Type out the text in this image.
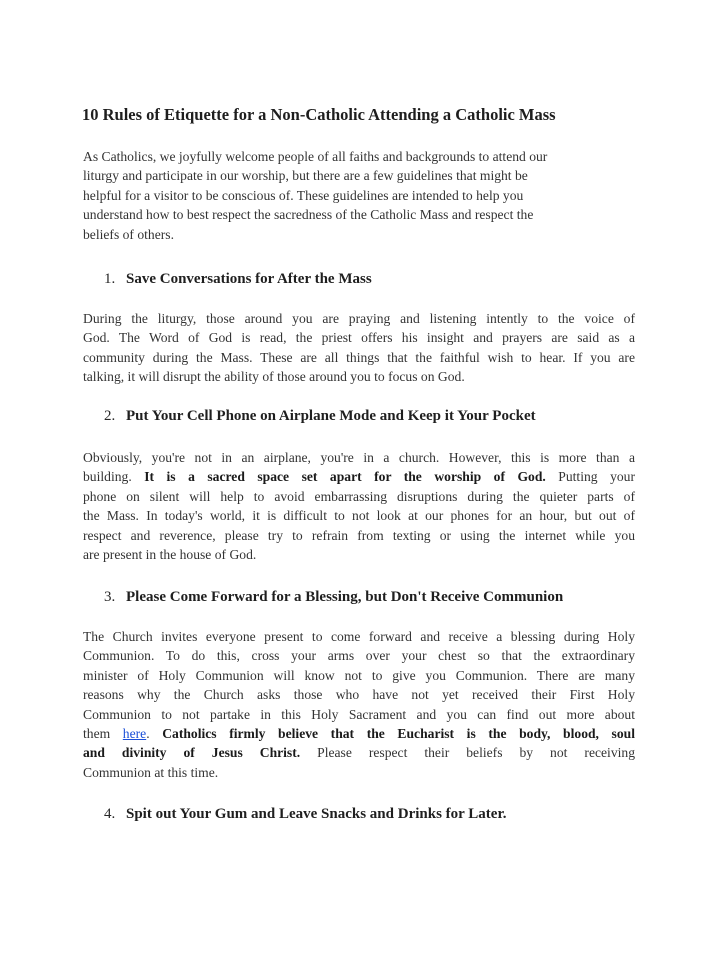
10 Rules of Etiquette for a Non-Catholic Attending a Catholic Mass
As Catholics, we joyfully welcome people of all faiths and backgrounds to attend our
liturgy and participate in our worship, but there are a few guidelines that might be
helpful for a visitor to be conscious of. These guidelines are intended to help you
understand how to best respect the sacredness of the Catholic Mass and respect the
beliefs of others.
1. Save Conversations for After the Mass
During the liturgy, those around you are praying and listening intently to the voice of
God. The Word of God is read, the priest offers his insight and prayers are said as a
community during the Mass. These are all things that the faithful wish to hear. If you are
talking, it will disrupt the ability of those around you to focus on God.
2. Put Your Cell Phone on Airplane Mode and Keep it Your Pocket
Obviously, you're not in an airplane, you're in a church. However, this is more than a
building. It is a sacred space set apart for the worship of God. Putting your
phone on silent will help to avoid embarrassing disruptions during the quieter parts of
the Mass. In today's world, it is difficult to not look at our phones for an hour, but out of
respect and reverence, please try to refrain from texting or using the internet while you
are present in the house of God.
3. Please Come Forward for a Blessing, but Don't Receive Communion
The Church invites everyone present to come forward and receive a blessing during Holy
Communion. To do this, cross your arms over your chest so that the extraordinary
minister of Holy Communion will know not to give you Communion. There are many
reasons why the Church asks those who have not yet received their First Holy
Communion to not partake in this Holy Sacrament and you can find out more about
them here. Catholics firmly believe that the Eucharist is the body, blood, soul
and divinity of Jesus Christ. Please respect their beliefs by not receiving
Communion at this time.
4. Spit out Your Gum and Leave Snacks and Drinks for Later.
